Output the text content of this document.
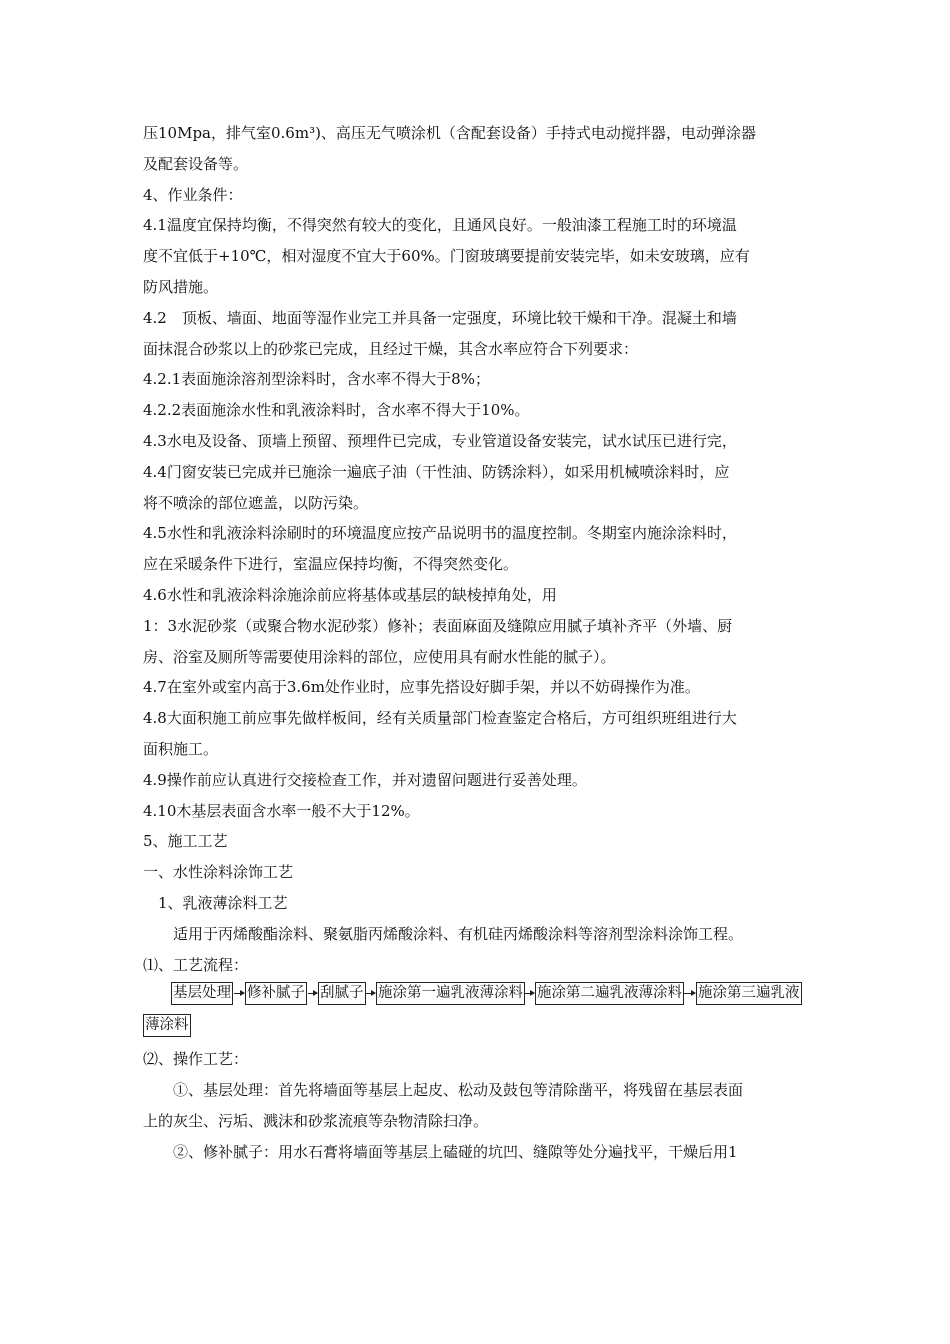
压10Mpa，排气室0.6m³)、高压无气喷涂机（含配套设备）手持式电动搅拌器，电动弹涂器

及配套设备等。

4、作业条件：

4.1温度宜保持均衡，不得突然有较大的变化，且通风良好。一般油漆工程施工时的环境温

度不宜低于+10℃，相对湿度不宜大于60%。门窗玻璃要提前安装完毕，如未安玻璃，应有

防风措施。

4.2　顶板、墙面、地面等湿作业完工并具备一定强度，环境比较干燥和干净。混凝土和墙

面抹混合砂浆以上的砂浆已完成，且经过干燥，其含水率应符合下列要求：

4.2.1表面施涂溶剂型涂料时，含水率不得大于8%；

4.2.2表面施涂水性和乳液涂料时，含水率不得大于10%。

4.3水电及设备、顶墙上预留、预埋件已完成，专业管道设备安装完，试水试压已进行完，

4.4门窗安装已完成并已施涂一遍底子油（干性油、防锈涂料），如采用机械喷涂料时，应

将不喷涂的部位遮盖，以防污染。

4.5水性和乳液涂料涂刷时的环境温度应按产品说明书的温度控制。冬期室内施涂涂料时，

应在采暖条件下进行，室温应保持均衡，不得突然变化。

4.6水性和乳液涂料涂施涂前应将基体或基层的缺棱掉角处，用

1：3水泥砂浆（或聚合物水泥砂浆）修补；表面麻面及缝隙应用腻子填补齐平（外墙、厨

房、浴室及厕所等需要使用涂料的部位，应使用具有耐水性能的腻子）。

4.7在室外或室内高于3.6m处作业时，应事先搭设好脚手架，并以不妨碍操作为准。

4.8大面积施工前应事先做样板间，经有关质量部门检查鉴定合格后，方可组织班组进行大

面积施工。

4.9操作前应认真进行交接检查工作，并对遗留问题进行妥善处理。

4.10木基层表面含水率一般不大于12%。

5、施工工艺

一、水性涂料涂饰工艺

1、乳液薄涂料工艺

适用于丙烯酸酯涂料、聚氨脂丙烯酸涂料、有机硅丙烯酸涂料等溶剂型涂料涂饰工程。

⑴、工艺流程：

基层处理 修补腻子 刮腻子 施涂第一遍乳液薄涂料 施涂第二遍乳液薄涂料 施涂第三遍乳液
薄涂料

⑵、操作工艺：

①、基层处理：首先将墙面等基层上起皮、松动及鼓包等清除凿平，将残留在基层表面

上的灰尘、污垢、溅沫和砂浆流痕等杂物清除扫净。

②、修补腻子：用水石膏将墙面等基层上磕碰的坑凹、缝隙等处分遍找平，干燥后用1
